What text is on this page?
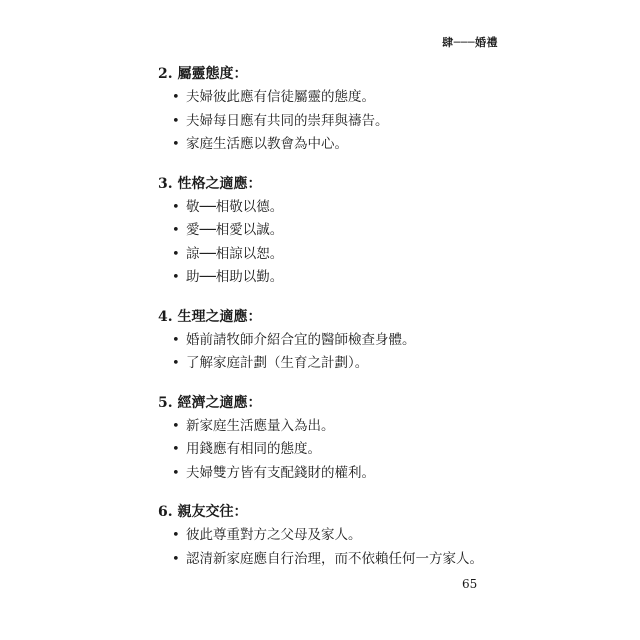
肆───婚禮
2. 屬靈態度：
• 夫婦彼此應有信徒屬靈的態度。
• 夫婦每日應有共同的崇拜與禱告。
• 家庭生活應以教會為中心。
3. 性格之適應：
• 敬──相敬以德。
• 愛──相愛以誠。
• 諒──相諒以恕。
• 助──相助以勤。
4. 生理之適應：
• 婚前請牧師介紹合宜的醫師檢查身體。
• 了解家庭計劃（生育之計劃）。
5. 經濟之適應：
• 新家庭生活應量入為出。
• 用錢應有相同的態度。
• 夫婦雙方皆有支配錢財的權利。
6. 親友交往：
• 彼此尊重對方之父母及家人。
• 認清新家庭應自行治理，而不依賴任何一方家人。
65
